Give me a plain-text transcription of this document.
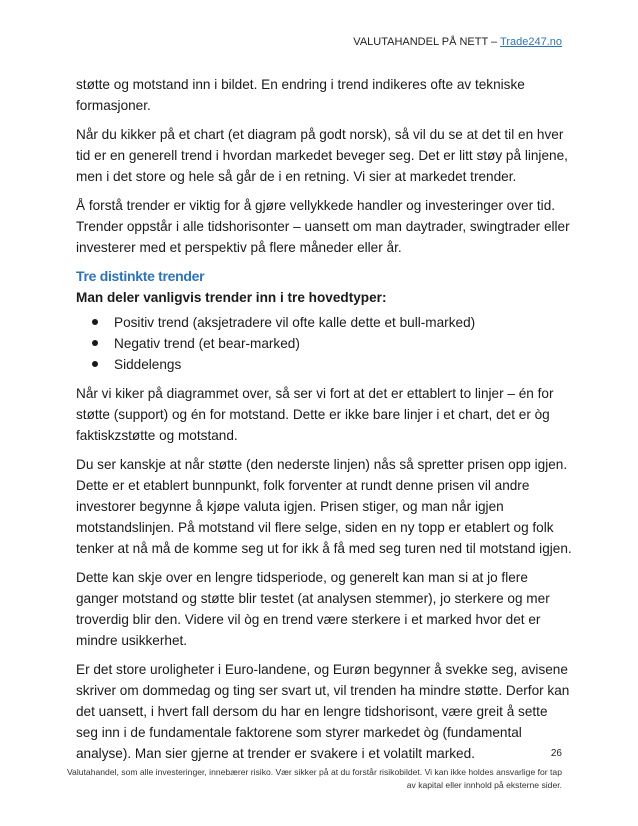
VALUTAHANDEL PÅ NETT – Trade247.no

støtte og motstand inn i bildet. En endring i trend indikeres ofte av tekniske formasjoner.

Når du kikker på et chart (et diagram på godt norsk), så vil du se at det til en hver tid er en generell trend i hvordan markedet beveger seg. Det er litt støy på linjene, men i det store og hele så går de i en retning. Vi sier at markedet trender.

Å forstå trender er viktig for å gjøre vellykkede handler og investeringer over tid. Trender oppstår i alle tidshorisonter – uansett om man daytrader, swingtrader eller investerer med et perspektiv på flere måneder eller år.

Tre distinkte trender
Man deler vanligvis trender inn i tre hovedtyper:
Positiv trend (aksjetradere vil ofte kalle dette et bull-marked)
Negativ trend (et bear-marked)
Siddelengs

Når vi kiker på diagrammet over, så ser vi fort at det er ettablert to linjer – én for støtte (support) og én for motstand. Dette er ikke bare linjer i et chart, det er òg faktiskzstøtte og motstand.

Du ser kanskje at når støtte (den nederste linjen) nås så spretter prisen opp igjen. Dette er et etablert bunnpunkt, folk forventer at rundt denne prisen vil andre investorer begynne å kjøpe valuta igjen. Prisen stiger, og man når igjen motstandslinjen. På motstand vil flere selge, siden en ny topp er etablert og folk tenker at nå må de komme seg ut for ikk å få med seg turen ned til motstand igjen.

Dette kan skje over en lengre tidsperiode, og generelt kan man si at jo flere ganger motstand og støtte blir testet (at analysen stemmer), jo sterkere og mer troverdig blir den. Videre vil òg en trend være sterkere i et marked hvor det er mindre usikkerhet.

Er det store uroligheter i Euro-landene, og Eurøn begynner å svekke seg, avisene skriver om dommedag og ting ser svart ut, vil trenden ha mindre støtte. Derfor kan det uansett, i hvert fall dersom du har en lengre tidshorisont, være greit å sette seg inn i de fundamentale faktorene som styrer markedet òg (fundamental analyse). Man sier gjerne at trender er svakere i et volatilt marked.	26
Valutahandel, som alle investeringer, innebærer risiko. Vær sikker på at du forstår risikobildet. Vi kan ikke holdes ansvarlige for tap av kapital eller innhold på eksterne sider.
